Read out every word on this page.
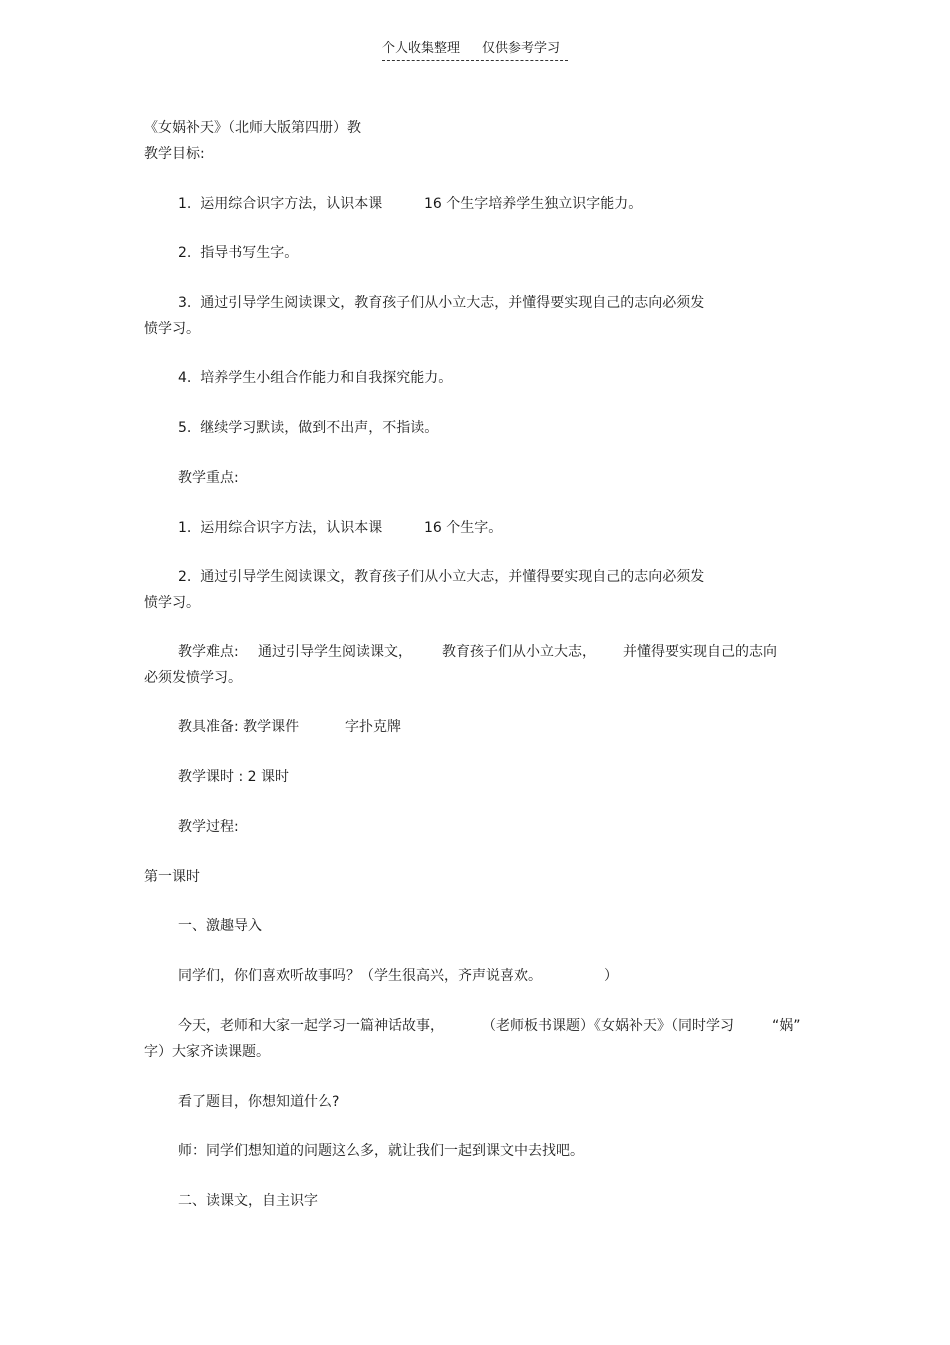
个人收集整理

仅供参考学习

《女娲补天》（北师大版第四册）教
教学目标:

1.  运用综合识字方法，认识本课

	16 个生字培养学生独立识字能力。

2.  指导书写生字。
3.  通过引导学生阅读课文，教育孩子们从小立大志，并懂得要实现自己的志向必须发
愤学习。
4.  培养学生小组合作能力和自我探究能力。
5.  继续学习默读，做到不出声，不指读。
教学重点:

1.  运用综合识字方法，认识本课

	16 个生字。

2.  通过引导学生阅读课文，教育孩子们从小立大志，并懂得要实现自己的志向必须发
愤学习。

教学难点:

通过引导学生阅读课文，

教育孩子们从小立大志，

并懂得要实现自己的志向

必须发愤学习。

教具准备: 教学课件

	字扑克牌

教学课时 : 2 课时
教学过程:
第一课时
一、激趣导入

同学们，你们喜欢听故事吗？（学生很高兴，齐声说喜欢。

	）

今天，老师和大家一起学习一篇神话故事，

	（老师板书课题）《女娲补天》（同时学习

	“娲”

字）大家齐读课题。
看了题目，你想知道什么?
师：同学们想知道的问题这么多，就让我们一起到课文中去找吧。
二、读课文，自主识字
